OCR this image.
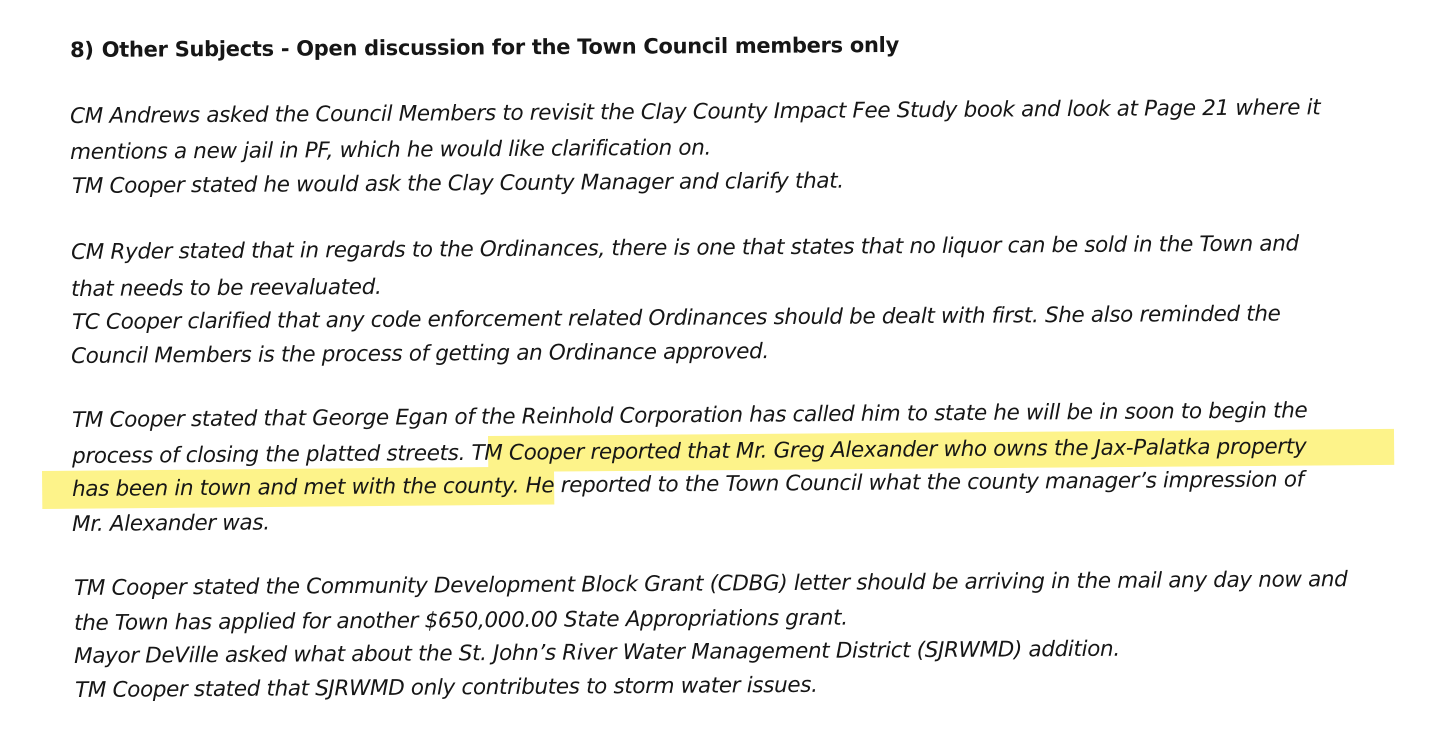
8) Other Subjects - Open discussion for the Town Council members only
CM Andrews asked the Council Members to revisit the Clay County Impact Fee Study book and look at Page 21 where it
mentions a new jail in PF, which he would like clarification on.
TM Cooper stated he would ask the Clay County Manager and clarify that.
CM Ryder stated that in regards to the Ordinances, there is one that states that no liquor can be sold in the Town and
that needs to be reevaluated.
TC Cooper clarified that any code enforcement related Ordinances should be dealt with first. She also reminded the
Council Members is the process of getting an Ordinance approved.
TM Cooper stated that George Egan of the Reinhold Corporation has called him to state he will be in soon to begin the
process of closing the platted streets. TM Cooper reported that Mr. Greg Alexander who owns the Jax-Palatka property
has been in town and met with the county. He reported to the Town Council what the county manager’s impression of
Mr. Alexander was.
TM Cooper stated the Community Development Block Grant (CDBG) letter should be arriving in the mail any day now and
the Town has applied for another $650,000.00 State Appropriations grant.
Mayor DeVille asked what about the St. John’s River Water Management District (SJRWMD) addition.
TM Cooper stated that SJRWMD only contributes to storm water issues.
